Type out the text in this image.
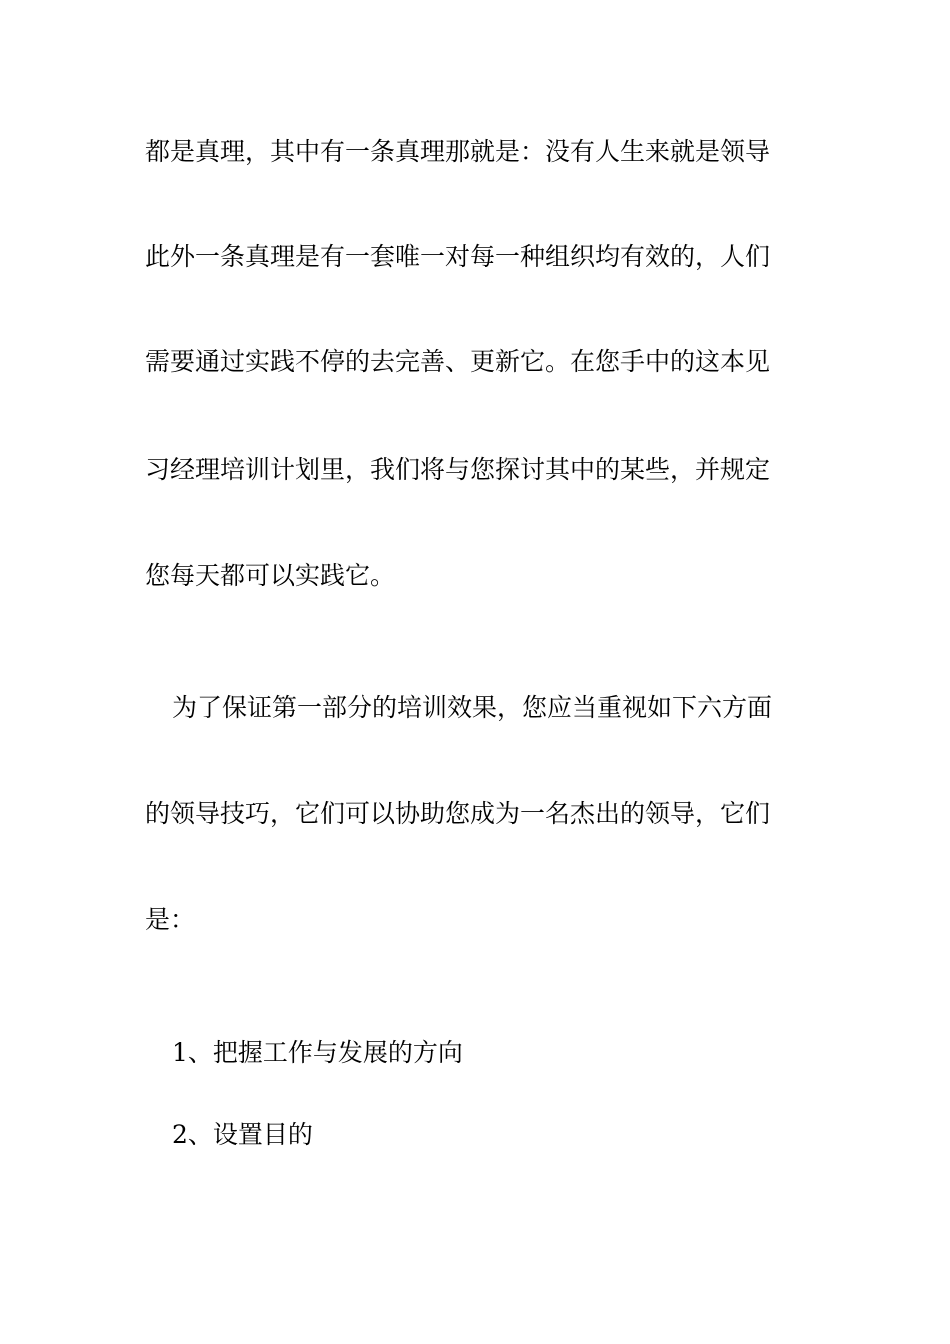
都是真理，其中有一条真理那就是：没有人生来就是领导
此外一条真理是有一套唯一对每一种组织均有效的，人们
需要通过实践不停的去完善、更新它。在您手中的这本见
习经理培训计划里，我们将与您探讨其中的某些，并规定
您每天都可以实践它。
为了保证第一部分的培训效果，您应当重视如下六方面
的领导技巧，它们可以协助您成为一名杰出的领导，它们
是：
1、把握工作与发展的方向
2、设置目的
